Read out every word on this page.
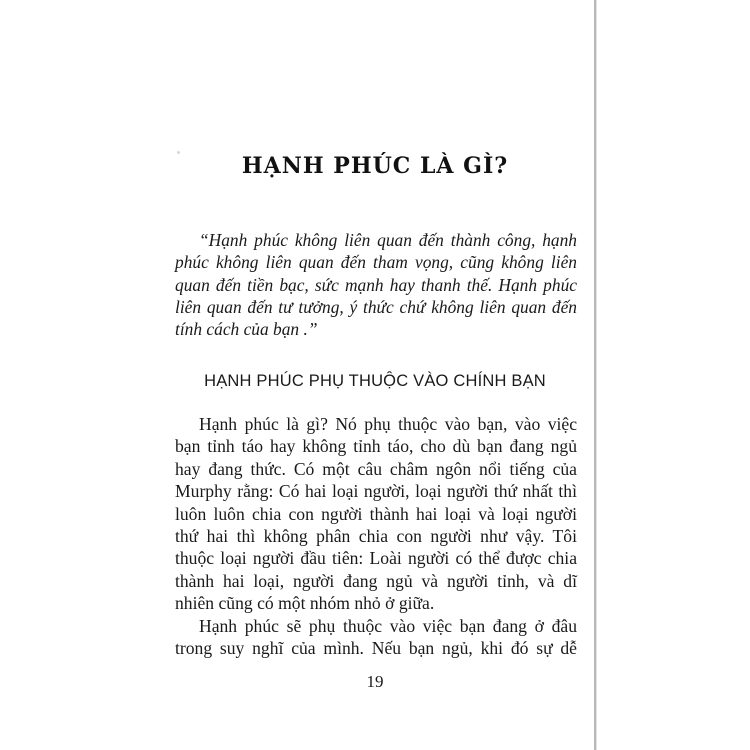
HẠNH PHÚC LÀ GÌ?
“Hạnh phúc không liên quan đến thành công, hạnh
phúc không liên quan đến tham vọng, cũng không liên
quan đến tiền bạc, sức mạnh hay thanh thế. Hạnh phúc
liên quan đến tư tưởng, ý thức chứ không liên quan đến
tính cách của bạn .”
HẠNH PHÚC PHỤ THUỘC VÀO CHÍNH BẠN
Hạnh phúc là gì? Nó phụ thuộc vào bạn, vào việc
bạn tỉnh táo hay không tỉnh táo, cho dù bạn đang ngủ
hay đang thức. Có một câu châm ngôn nổi tiếng của
Murphy rằng: Có hai loại người, loại người thứ nhất thì
luôn luôn chia con người thành hai loại và loại người
thứ hai thì không phân chia con người như vậy. Tôi
thuộc loại người đầu tiên: Loài người có thể được chia
thành hai loại, người đang ngủ và người tỉnh, và dĩ
nhiên cũng có một nhóm nhỏ ở giữa.
Hạnh phúc sẽ phụ thuộc vào việc bạn đang ở đâu
trong suy nghĩ của mình. Nếu bạn ngủ, khi đó sự dễ
19
